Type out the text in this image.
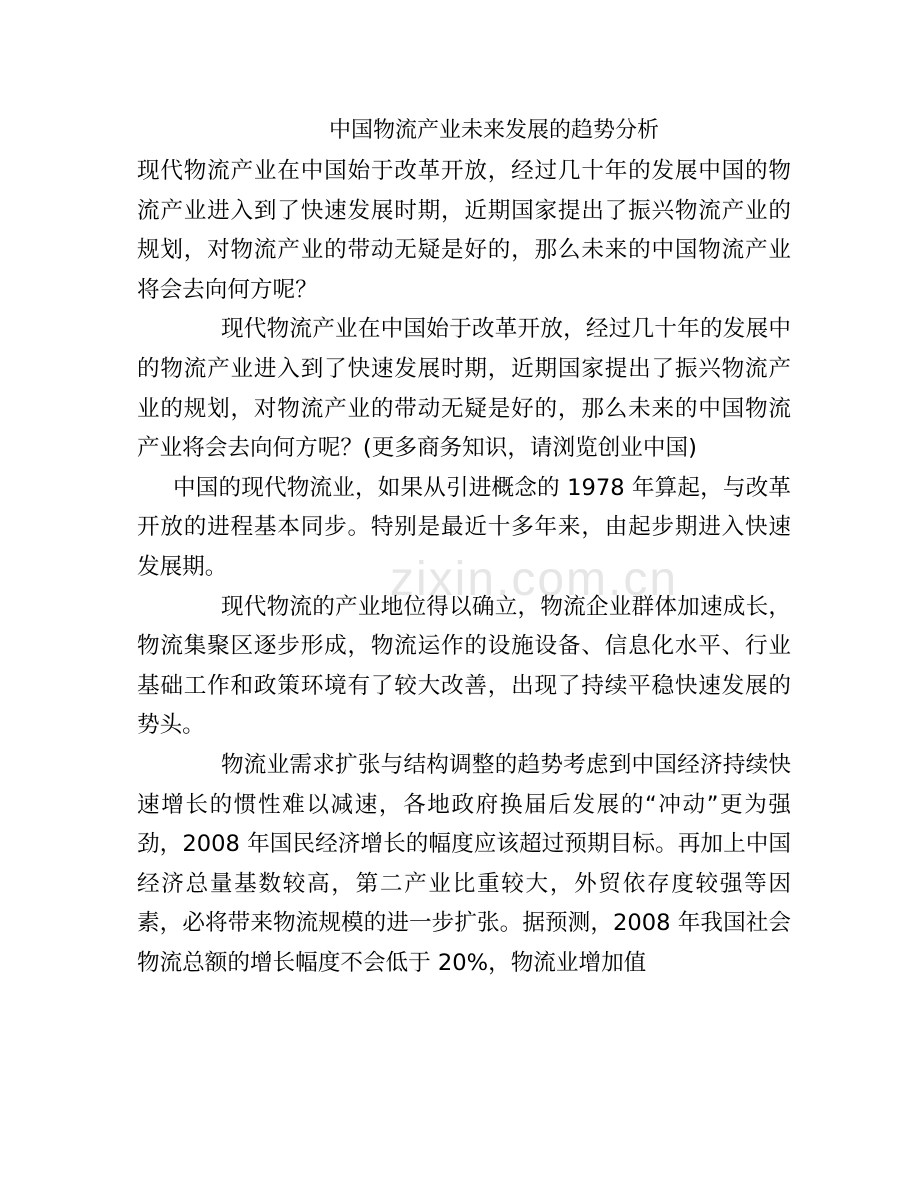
zixin.com.cn
中国物流产业未来发展的趋势分析

现代物流产业在中国始于改革开放，经过几十年的发展中国的物流产业进入到了快速发展时期，近期国家提出了振兴物流产业的规划，对物流产业的带动无疑是好的，那么未来的中国物流产业将会去向何方呢？

现代物流产业在中国始于改革开放，经过几十年的发展中的物流产业进入到了快速发展时期，近期国家提出了振兴物流产业的规划，对物流产业的带动无疑是好的，那么未来的中国物流产业将会去向何方呢？(更多商务知识，请浏览创业中国)

中国的现代物流业，如果从引进概念的 1978 年算起，与改革开放的进程基本同步。特别是最近十多年来，由起步期进入快速发展期。

现代物流的产业地位得以确立，物流企业群体加速成长，物流集聚区逐步形成，物流运作的设施设备、信息化水平、行业基础工作和政策环境有了较大改善，出现了持续平稳快速发展的势头。

物流业需求扩张与结构调整的趋势考虑到中国经济持续快速增长的惯性难以减速，各地政府换届后发展的“冲动”更为强劲，2008 年国民经济增长的幅度应该超过预期目标。再加上中国经济总量基数较高，第二产业比重较大，外贸依存度较强等因素，必将带来物流规模的进一步扩张。据预测，2008 年我国社会物流总额的增长幅度不会低于 20%，物流业增加值
